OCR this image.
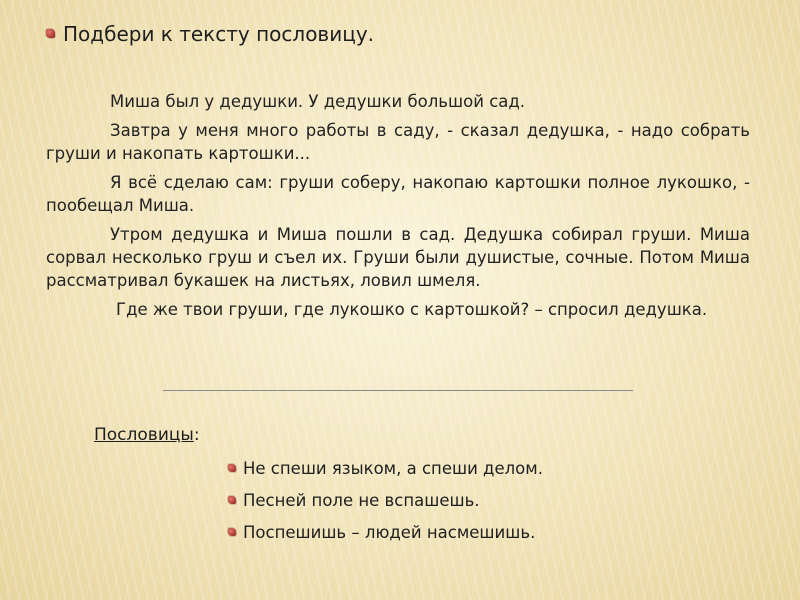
Подбери к тексту пословицу.

Миша был у дедушки. У дедушки большой сад.

Завтра у меня много работы в саду, - сказал дедушка, - надо собрать груши и накопать картошки...

Я всё сделаю сам: груши соберу, накопаю картошки полное лукошко, - пообещал Миша.

Утром дедушка и Миша пошли в сад. Дедушка собирал груши. Миша сорвал несколько груш и съел их. Груши были душистые, сочные. Потом Миша рассматривал букашек на листьях, ловил шмеля.

Где же твои груши, где лукошко с картошкой? – спросил дедушка.

Пословицы:
Не спеши языком, а спеши делом.
Песней поле не вспашешь.
Поспешишь – людей насмешишь.
